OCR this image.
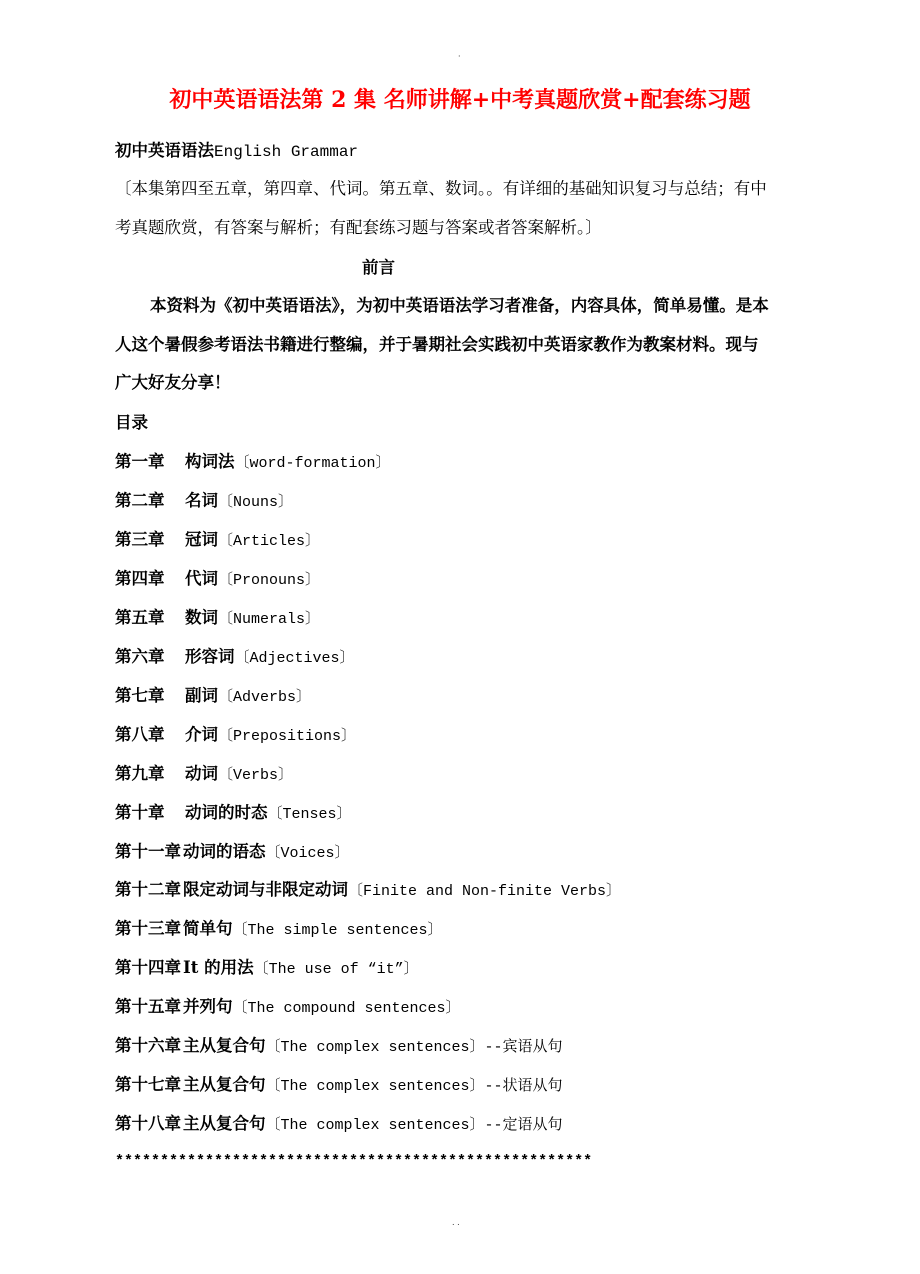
·
初中英语语法第 2 集 名师讲解+中考真题欣赏+配套练习题
初中英语语法English Grammar
〔本集第四至五章，第四章、代词。第五章、数词。。有详细的基础知识复习与总结；有中
考真题欣赏，有答案与解析；有配套练习题与答案或者答案解析。〕
前言
本资料为《初中英语语法》，为初中英语语法学习者准备，内容具体，简单易懂。是本
人这个暑假参考语法书籍进行整编，并于暑期社会实践初中英语家教作为教案材料。现与
广大好友分享！
目录
第一章 构词法〔word-formation〕
第二章 名词〔Nouns〕
第三章 冠词〔Articles〕
第四章 代词〔Pronouns〕
第五章 数词〔Numerals〕
第六章 形容词〔Adjectives〕
第七章 副词〔Adverbs〕
第八章 介词〔Prepositions〕
第九章 动词〔Verbs〕
第十章 动词的时态〔Tenses〕
第十一章 动词的语态〔Voices〕
第十二章 限定动词与非限定动词〔Finite and Non-finite Verbs〕
第十三章 简单句〔The simple sentences〕
第十四章 It 的用法〔The use of “it”〕
第十五章 并列句〔The compound sentences〕
第十六章 主从复合句〔The complex sentences〕--宾语从句
第十七章 主从复合句〔The complex sentences〕--状语从句
第十八章 主从复合句〔The complex sentences〕--定语从句
*****************************************************
. .
